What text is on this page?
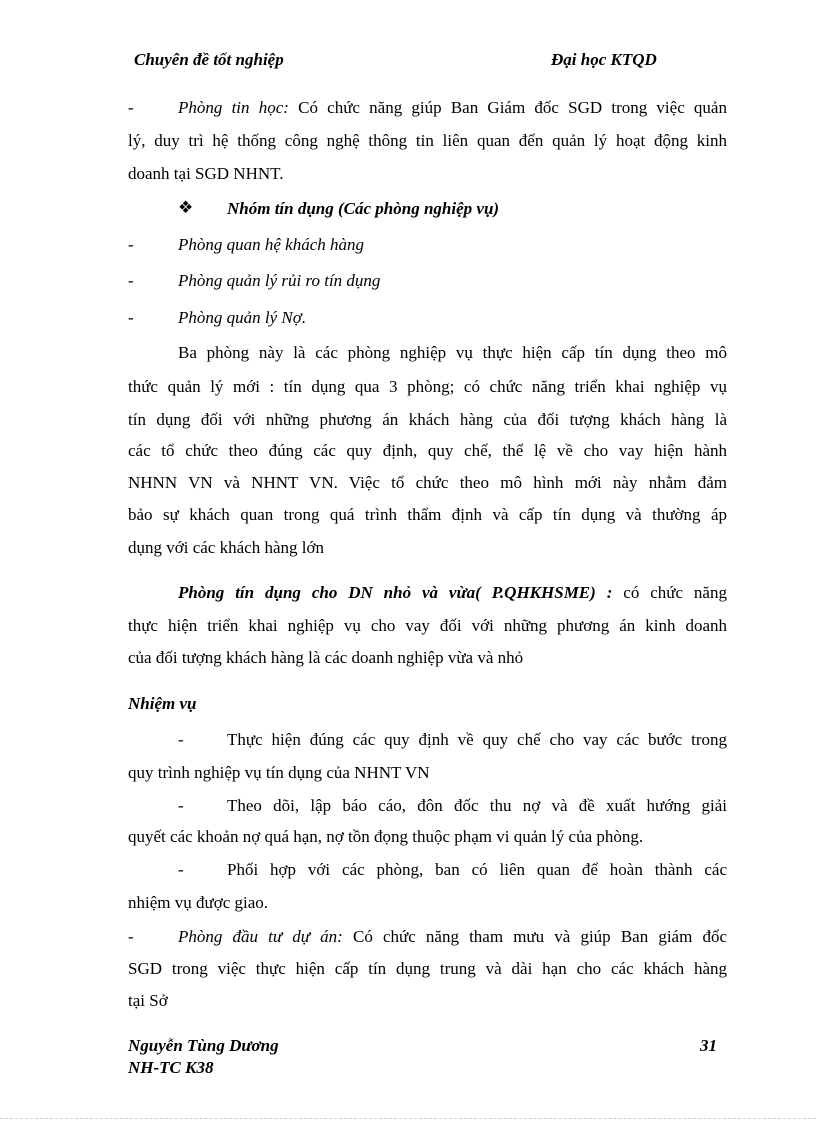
Chuyên đề tốt nghiệp	Đại học KTQD
-	Phòng tin học: Có chức năng giúp Ban Giám đốc SGD trong việc quản
lý, duy trì hệ thống công nghệ thông tin liên quan đến quản lý hoạt động kinh
doanh tại SGD NHNT.
❖ Nhóm tín dụng (Các phòng nghiệp vụ)
-	Phòng quan hệ khách hàng
-	Phòng quản lý rủi ro tín dụng
-	Phòng quản lý Nợ.
Ba phòng này là các phòng nghiệp vụ thực hiện cấp tín dụng theo mô
thức quản lý mới : tín dụng qua 3 phòng; có chức năng triển khai nghiệp vụ
tín dụng đối với những phương án khách hàng của đối tượng khách hàng là
các tổ chức theo đúng các quy định, quy chế, thể lệ về cho vay hiện hành
NHNN VN và NHNT VN. Việc tổ chức theo mô hình mới này nhằm đảm
bảo sự khách quan trong quá trình thẩm định và cấp tín dụng và thường áp
dụng với các khách hàng lớn
Phòng tín dụng cho DN nhỏ và vừa( P.QHKHSME) : có chức năng
thực hiện triển khai nghiệp vụ cho vay đối với những phương án kinh doanh
của đối tượng khách hàng là các doanh nghiệp vừa và nhỏ
Nhiệm vụ
-	Thực hiện đúng các quy định về quy chế cho vay các bước trong
quy trình nghiệp vụ tín dụng của NHNT VN
-	Theo dõi, lập báo cáo, đôn đốc thu nợ và đề xuất hướng giải
quyết các khoản nợ quá hạn, nợ tồn đọng thuộc phạm vi quản lý của phòng.
-	Phối hợp với các phòng, ban có liên quan để hoàn thành các
nhiệm vụ được giao.
-	Phòng đầu tư dự án: Có chức năng tham mưu và giúp Ban giám đốc
SGD trong việc thực hiện cấp tín dụng trung và dài hạn cho các khách hàng
tại Sở
Nguyễn Tùng Dương
NH-TC K38
31
